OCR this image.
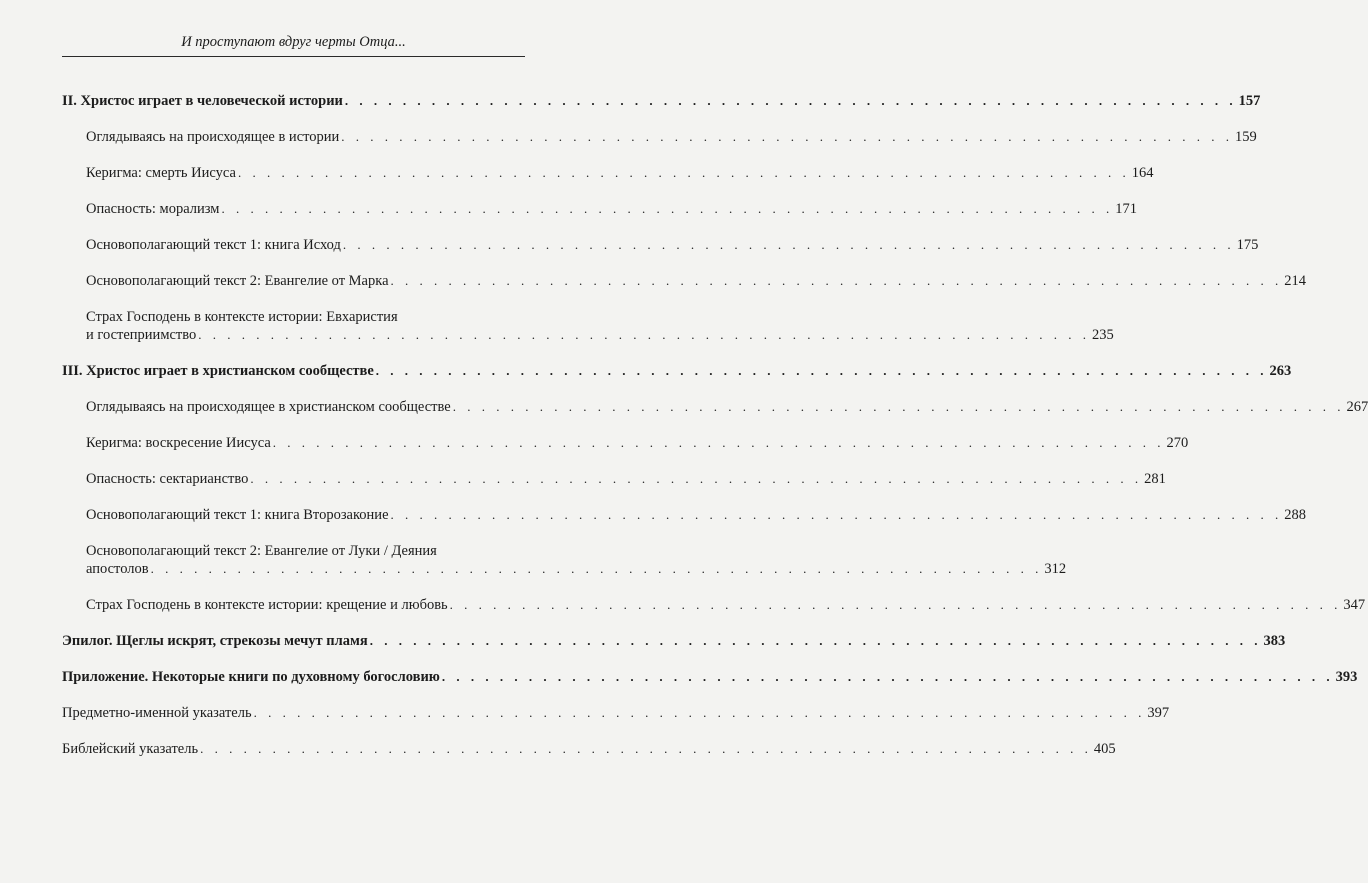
И проступают вдруг черты Отца...
II. Христос играет в человеческой истории . . . . . . . . . . . . . . . . . . . . . . . . . . . . . . . . . . . . . . . . . . . . . . . . . . . . . . . . . . . . . . 157
Оглядываясь на происходящее в истории . . . . . . . . . . . . . . . . . . . . . . . . . . . . . . . . . . . . . . . . . . . . . . . . . . . . . . . . . . . . . . 159
Керигма: смерть Иисуса . . . . . . . . . . . . . . . . . . . . . . . . . . . . . . . . . . . . . . . . . . . . . . . . . . . . . . . . . . . . . . 164
Опасность: морализм . . . . . . . . . . . . . . . . . . . . . . . . . . . . . . . . . . . . . . . . . . . . . . . . . . . . . . . . . . . . . . 171
Основополагающий текст 1: книга Исход . . . . . . . . . . . . . . . . . . . . . . . . . . . . . . . . . . . . . . . . . . . . . . . . . . . . . . . . . . . . . . 175
Основополагающий текст 2: Евангелие от Марка . . . . . . . . . . . . . . . . . . . . . . . . . . . . . . . . . . . . . . . . . . . . . . . . . . . . . . . . . . . . . . 214
Страх Господень в контексте истории: Евхаристия
и гостеприимство . . . . . . . . . . . . . . . . . . . . . . . . . . . . . . . . . . . . . . . . . . . . . . . . . . . . . . . . . . . . . . 235
III. Христос играет в христианском сообществе . . . . . . . . . . . . . . . . . . . . . . . . . . . . . . . . . . . . . . . . . . . . . . . . . . . . . . . . . . . . . . 263
Оглядываясь на происходящее в христианском сообществе . . . . . . . . . . . . . . . . . . . . . . . . . . . . . . . . . . . . . . . . . . . . . . . . . . . . . . . . . . . . . . 267
Керигма: воскресение Иисуса . . . . . . . . . . . . . . . . . . . . . . . . . . . . . . . . . . . . . . . . . . . . . . . . . . . . . . . . . . . . . . 270
Опасность: сектарианство . . . . . . . . . . . . . . . . . . . . . . . . . . . . . . . . . . . . . . . . . . . . . . . . . . . . . . . . . . . . . . 281
Основополагающий текст 1: книга Второзаконие . . . . . . . . . . . . . . . . . . . . . . . . . . . . . . . . . . . . . . . . . . . . . . . . . . . . . . . . . . . . . . 288
Основополагающий текст 2: Евангелие от Луки / Деяния
апостолов . . . . . . . . . . . . . . . . . . . . . . . . . . . . . . . . . . . . . . . . . . . . . . . . . . . . . . . . . . . . . . 312
Страх Господень в контексте истории: крещение и любовь . . . . . . . . . . . . . . . . . . . . . . . . . . . . . . . . . . . . . . . . . . . . . . . . . . . . . . . . . . . . . . 347
Эпилог. Щеглы искрят, стрекозы мечут пламя . . . . . . . . . . . . . . . . . . . . . . . . . . . . . . . . . . . . . . . . . . . . . . . . . . . . . . . . . . . . . . 383
Приложение. Некоторые книги по духовному богословию . . . . . . . . . . . . . . . . . . . . . . . . . . . . . . . . . . . . . . . . . . . . . . . . . . . . . . . . . . . . . . 393
Предметно-именной указатель . . . . . . . . . . . . . . . . . . . . . . . . . . . . . . . . . . . . . . . . . . . . . . . . . . . . . . . . . . . . . . 397
Библейский указатель . . . . . . . . . . . . . . . . . . . . . . . . . . . . . . . . . . . . . . . . . . . . . . . . . . . . . . . . . . . . . . 405
